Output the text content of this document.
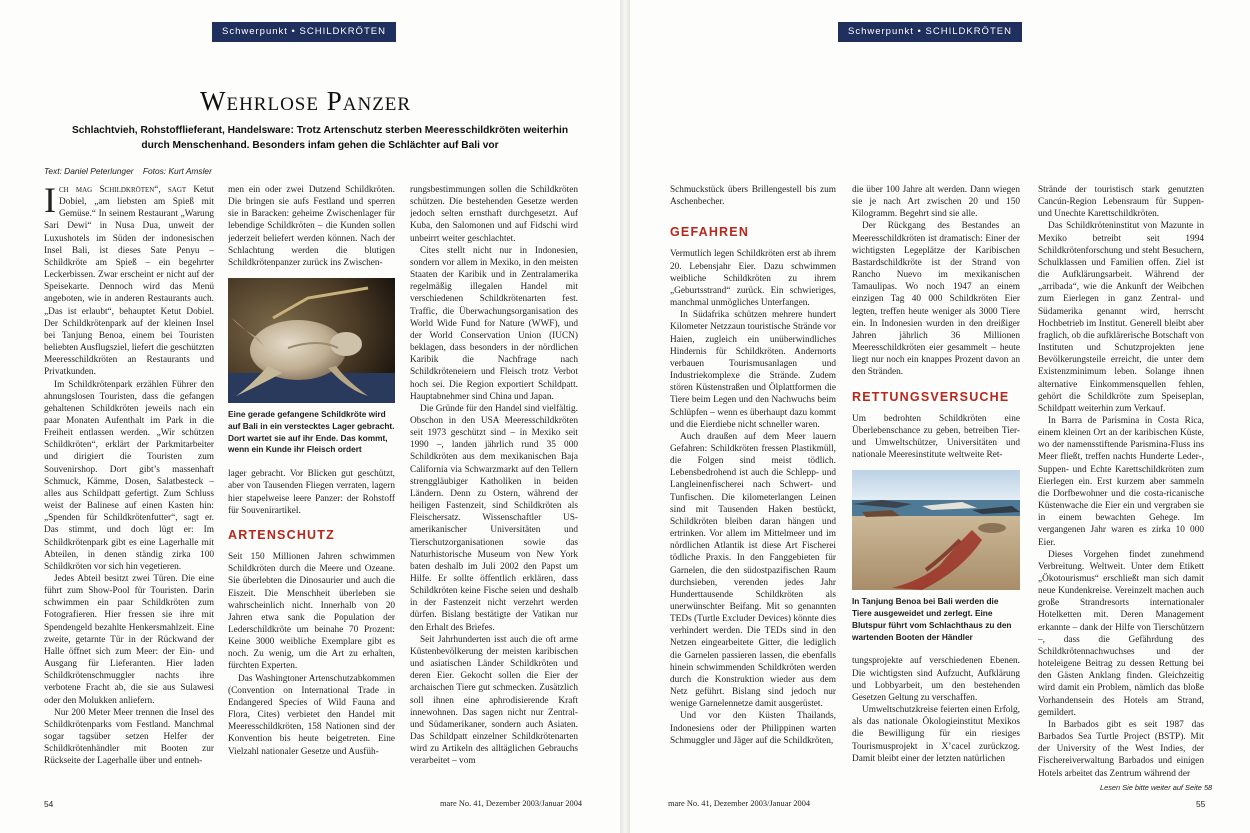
Schwerpunkt • SCHILDKRÖTEN	Schwerpunkt • SCHILDKRÖTEN
Wehrlose Panzer
Schlachtvieh, Rohstofflieferant, Handelsware: Trotz Artenschutz sterben Meeresschildkröten weiterhin durch Menschenhand. Besonders infam gehen die Schlächter auf Bali vor
Text: Daniel Peterlunger    Fotos: Kurt Amsler

Ich mag Schildkröten“, sagt Ketut Dobiel, „am liebsten am Spieß mit Gemüse.“ In seinem Restaurant „Warung Sari Dewi“ in Nusa Dua, unweit der Luxushotels im Süden der indonesischen Insel Bali, ist dieses Sate Penyu – Schildkröte am Spieß – ein begehrter Leckerbissen. Zwar erscheint er nicht auf der Speisekarte. Dennoch wird das Menü angeboten, wie in anderen Restaurants auch. „Das ist erlaubt“, behauptet Ketut Dobiel. Der Schildkrötenpark auf der kleinen Insel bei Tanjung Benoa, einem bei Touristen beliebten Ausflugsziel, liefert die geschützten Meeresschildkröten an Restaurants und Privatkunden.

Im Schildkrötenpark erzählen Führer den ahnungslosen Touristen, dass die gefangen gehaltenen Schildkröten jeweils nach ein paar Monaten Aufenthalt im Park in die Freiheit entlassen werden. „Wir schützen Schildkröten“, erklärt der Parkmitarbeiter und dirigiert die Touristen zum Souvenirshop. Dort gibt’s massenhaft Schmuck, Kämme, Dosen, Salatbesteck – alles aus Schildpatt gefertigt. Zum Schluss weist der Balinese auf einen Kasten hin: „Spenden für Schildkrötenfutter“, sagt er. Das stimmt, und doch lügt er: Im Schildkrötenpark gibt es eine Lagerhalle mit Abteilen, in denen ständig zirka 100 Schildkröten vor sich hin vegetieren.

Jedes Abteil besitzt zwei Türen. Die eine führt zum Show-Pool für Touristen. Darin schwimmen ein paar Schildkröten zum Fotografieren. Hier fressen sie ihre mit Spendengeld bezahlte Henkersmahlzeit. Eine zweite, getarnte Tür in der Rückwand der Halle öffnet sich zum Meer: der Ein- und Ausgang für Lieferanten. Hier laden Schildkrötenschmuggler nachts ihre verbotene Fracht ab, die sie aus Sulawesi oder den Molukken anliefern.

Nur 200 Meter Meer trennen die Insel des Schildkrötenparks vom Festland. Manchmal sogar tagsüber setzen Helfer der Schildkrötenhändler mit Booten zur Rückseite der Lagerhalle über und entneh-

men ein oder zwei Dutzend Schildkröten. Die bringen sie aufs Festland und sperren sie in Baracken: geheime Zwischenlager für lebendige Schildkröten – die Kunden sollen jederzeit beliefert werden können. Nach der Schlachtung werden die blutigen Schildkrötenpanzer zurück ins Zwischen-

Eine gerade gefangene Schildkröte wird auf Bali in ein verstecktes Lager gebracht. Dort wartet sie auf ihr Ende. Das kommt, wenn ein Kunde ihr Fleisch ordert

lager gebracht. Vor Blicken gut geschützt, aber von Tausenden Fliegen verraten, lagern hier stapelweise leere Panzer: der Rohstoff für Souvenirartikel.

ARTENSCHUTZ

Seit 150 Millionen Jahren schwimmen Schildkröten durch die Meere und Ozeane. Sie überlebten die Dinosaurier und auch die Eiszeit. Die Menschheit überleben sie wahrscheinlich nicht. Innerhalb von 20 Jahren etwa sank die Population der Lederschildkröte um beinahe 70 Prozent: Keine 3000 weibliche Exemplare gibt es noch. Zu wenig, um die Art zu erhalten, fürchten Experten.

Das Washingtoner Artenschutzabkommen (Convention on International Trade in Endangered Species of Wild Fauna and Flora, Cites) verbietet den Handel mit Meeresschildkröten, 158 Nationen sind der Konvention bis heute beigetreten. Eine Vielzahl nationaler Gesetze und Ausfüh-

rungsbestimmungen sollen die Schildkröten schützen. Die bestehenden Gesetze werden jedoch selten ernsthaft durchgesetzt. Auf Kuba, den Salomonen und auf Fidschi wird unbeirrt weiter geschlachtet.

Cites stellt nicht nur in Indonesien, sondern vor allem in Mexiko, in den meisten Staaten der Karibik und in Zentralamerika regelmäßig illegalen Handel mit verschiedenen Schildkrötenarten fest. Traffic, die Überwachungsorganisation des World Wide Fund for Nature (WWF), und der World Conservation Union (IUCN) beklagen, dass besonders in der nördlichen Karibik die Nachfrage nach Schildkröteneiern und Fleisch trotz Verbot hoch sei. Die Region exportiert Schildpatt. Hauptabnehmer sind China und Japan.

Die Gründe für den Handel sind vielfältig. Obschon in den USA Meeresschildkröten seit 1973 geschützt sind – in Mexiko seit 1990 –, landen jährlich rund 35 000 Schildkröten aus dem mexikanischen Baja California via Schwarzmarkt auf den Tellern strenggläubiger Katholiken in beiden Ländern. Denn zu Ostern, während der heiligen Fastenzeit, sind Schildkröten als Fleischersatz. Wissenschaftler US-amerikanischer Universitäten und Tierschutzorganisationen sowie das Naturhistorische Museum von New York baten deshalb im Juli 2002 den Papst um Hilfe. Er sollte öffentlich erklären, dass Schildkröten keine Fische seien und deshalb in der Fastenzeit nicht verzehrt werden dürfen. Bislang bestätigte der Vatikan nur den Erhalt des Briefes.

Seit Jahrhunderten isst auch die oft arme Küstenbevölkerung der meisten karibischen und asiatischen Länder Schildkröten und deren Eier. Gekocht sollen die Eier der archaischen Tiere gut schmecken. Zusätzlich soll ihnen eine aphrodisierende Kraft innewohnen. Das sagen nicht nur Zentral- und Südamerikaner, sondern auch Asiaten. Das Schildpatt einzelner Schildkrötenarten wird zu Artikeln des alltäglichen Gebrauchs verarbeitet – vom

54	mare No. 41, Dezember 2003/Januar 2004

Schmuckstück übers Brillengestell bis zum Aschenbecher.

GEFAHREN

Vermutlich legen Schildkröten erst ab ihrem 20. Lebensjahr Eier. Dazu schwimmen weibliche Schildkröten zu ihrem „Geburtsstrand“ zurück. Ein schwieriges, manchmal unmögliches Unterfangen.

In Südafrika schützen mehrere hundert Kilometer Netzzaun touristische Strände vor Haien, zugleich ein unüberwindliches Hindernis für Schildkröten. Andernorts verbauen Tourismusanlagen und Industriekomplexe die Strände. Zudem stören Küstenstraßen und Ölplattformen die Tiere beim Legen und den Nachwuchs beim Schlüpfen – wenn es überhaupt dazu kommt und die Eierdiebe nicht schneller waren.

Auch draußen auf dem Meer lauern Gefahren: Schildkröten fressen Plastikmüll, die Folgen sind meist tödlich. Lebensbedrohend ist auch die Schlepp- und Langleinenfischerei nach Schwert- und Tunfischen. Die kilometerlangen Leinen sind mit Tausenden Haken bestückt, Schildkröten bleiben daran hängen und ertrinken. Vor allem im Mittelmeer und im nördlichen Atlantik ist diese Art Fischerei tödliche Praxis. In den Fanggebieten für Garnelen, die den südostpazifischen Raum durchsieben, verenden jedes Jahr Hunderttausende Schildkröten als unerwünschter Beifang. Mit so genannten TEDs (Turtle Excluder Devices) könnte dies verhindert werden. Die TEDs sind in den Netzen eingearbeitete Gitter, die lediglich die Garnelen passieren lassen, die ebenfalls hinein schwimmenden Schildkröten werden durch die Konstruktion wieder aus dem Netz geführt. Bislang sind jedoch nur wenige Garnelennetze damit ausgerüstet.

Und vor den Küsten Thailands, Indonesiens oder der Philippinen warten Schmuggler und Jäger auf die Schildkröten,

die über 100 Jahre alt werden. Dann wiegen sie je nach Art zwischen 20 und 150 Kilogramm. Begehrt sind sie alle.

Der Rückgang des Bestandes an Meeresschildkröten ist dramatisch: Einer der wichtigsten Legeplätze der Karibischen Bastardschildkröte ist der Strand von Rancho Nuevo im mexikanischen Tamaulipas. Wo noch 1947 an einem einzigen Tag 40 000 Schildkröten Eier legten, treffen heute weniger als 3000 Tiere ein. In Indonesien wurden in den dreißiger Jahren jährlich 36 Millionen Meeresschildkröten eier gesammelt – heute liegt nur noch ein knappes Prozent davon an den Stränden.

RETTUNGSVERSUCHE

Um bedrohten Schildkröten eine Überlebenschance zu geben, betreiben Tier- und Umweltschützer, Universitäten und nationale Meeresinstitute weltweite Ret-

In Tanjung Benoa bei Bali werden die Tiere ausgeweidet und zerlegt. Eine Blutspur führt vom Schlachthaus zu den wartenden Booten der Händler

tungsprojekte auf verschiedenen Ebenen. Die wichtigsten sind Aufzucht, Aufklärung und Lobbyarbeit, um den bestehenden Gesetzen Geltung zu verschaffen.

Umweltschutzkreise feierten einen Erfolg, als das nationale Ökologieinstitut Mexikos die Bewilligung für ein riesiges Tourismusprojekt in X’cacel zurückzog. Damit bleibt einer der letzten natürlichen

Strände der touristisch stark genutzten Cancún-Region Lebensraum für Suppen- und Unechte Karettschildkröten.

Das Schildkröteninstitut von Mazunte in Mexiko betreibt seit 1994 Schildkrötenforschung und steht Besuchern, Schulklassen und Familien offen. Ziel ist die Aufklärungsarbeit. Während der „arribada“, wie die Ankunft der Weibchen zum Eierlegen in ganz Zentral- und Südamerika genannt wird, herrscht Hochbetrieb im Institut. Generell bleibt aber fraglich, ob die aufklärerische Botschaft von Instituten und Schutzprojekten jene Bevölkerungsteile erreicht, die unter dem Existenzminimum leben. Solange ihnen alternative Einkommensquellen fehlen, gehört die Schildkröte zum Speiseplan, Schildpatt weiterhin zum Verkauf.

In Barra de Parismina in Costa Rica, einem kleinen Ort an der karibischen Küste, wo der namensstiftende Parismina-Fluss ins Meer fließt, treffen nachts Hunderte Leder-, Suppen- und Echte Karettschildkröten zum Eierlegen ein. Erst kurzem aber sammeln die Dorfbewohner und die costa-ricanische Küstenwache die Eier ein und vergraben sie in einem bewachten Gehege. Im vergangenen Jahr waren es zirka 10 000 Eier.

Dieses Vorgehen findet zunehmend Verbreitung. Weltweit. Unter dem Etikett „Ökotourismus“ erschließt man sich damit neue Kundenkreise. Vereinzelt machen auch große Strandresorts internationaler Hotelketten mit. Deren Management erkannte – dank der Hilfe von Tierschützern –, dass die Gefährdung des Schildkrötennachwuchses und der hoteleigene Beitrag zu dessen Rettung bei den Gästen Anklang finden. Gleichzeitig wird damit ein Problem, nämlich das bloße Vorhandensein des Hotels am Strand, gemildert.

In Barbados gibt es seit 1987 das Barbados Sea Turtle Project (BSTP). Mit der University of the West Indies, der Fischereiverwaltung Barbados und einigen Hotels arbeitet das Zentrum während der

Lesen Sie bitte weiter auf Seite 58
mare No. 41, Dezember 2003/Januar 2004	55
